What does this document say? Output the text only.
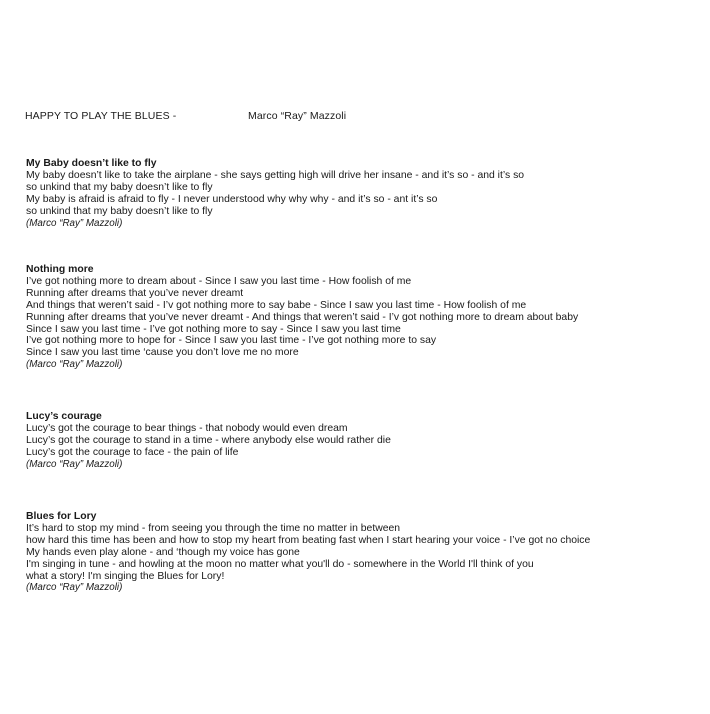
HAPPY TO PLAY THE BLUES -	Marco “Ray” Mazzoli
My Baby doesn’t like to fly
My baby doesn’t like to take the airplane - she says getting high will drive her insane - and it’s so - and it’s so
so unkind that my baby doesn’t like to fly
My baby is afraid is afraid to fly - I never understood why why why - and it’s so - ant it’s so
so unkind that my baby doesn’t like to fly
(Marco “Ray” Mazzoli)
Nothing more
I’ve got nothing more to dream about - Since I saw you last time - How foolish of me
Running after dreams that you’ve never dreamt
And things that weren’t said - I’v got nothing more to say babe - Since I saw you last time - How foolish of me
Running after dreams that you’ve never dreamt - And things that weren’t said - I’v got nothing more to dream about baby
Since I saw you last time - I’ve got nothing more to say - Since I saw you last time
I’ve got nothing more to hope for - Since I saw you last time - I’ve got nothing more to say
Since I saw you last time ‘cause you don’t love me no more
(Marco “Ray” Mazzoli)
Lucy’s courage
Lucy’s got the courage to bear things - that nobody would even dream
Lucy’s got the courage to stand in a time - where anybody else would rather die
Lucy’s got the courage to face - the pain of life
(Marco “Ray” Mazzoli)
Blues for Lory
It’s hard to stop my mind - from seeing you through the time no matter in between
how hard this time has been and how to stop my heart from beating fast when I start hearing your voice - I’ve got no choice
My hands even play alone - and ‘though my voice has gone
I'm singing in tune - and howling at the moon no matter what you'll do - somewhere in the World I'll think of you
what a story! I'm singing the Blues for Lory!
(Marco “Ray” Mazzoli)
